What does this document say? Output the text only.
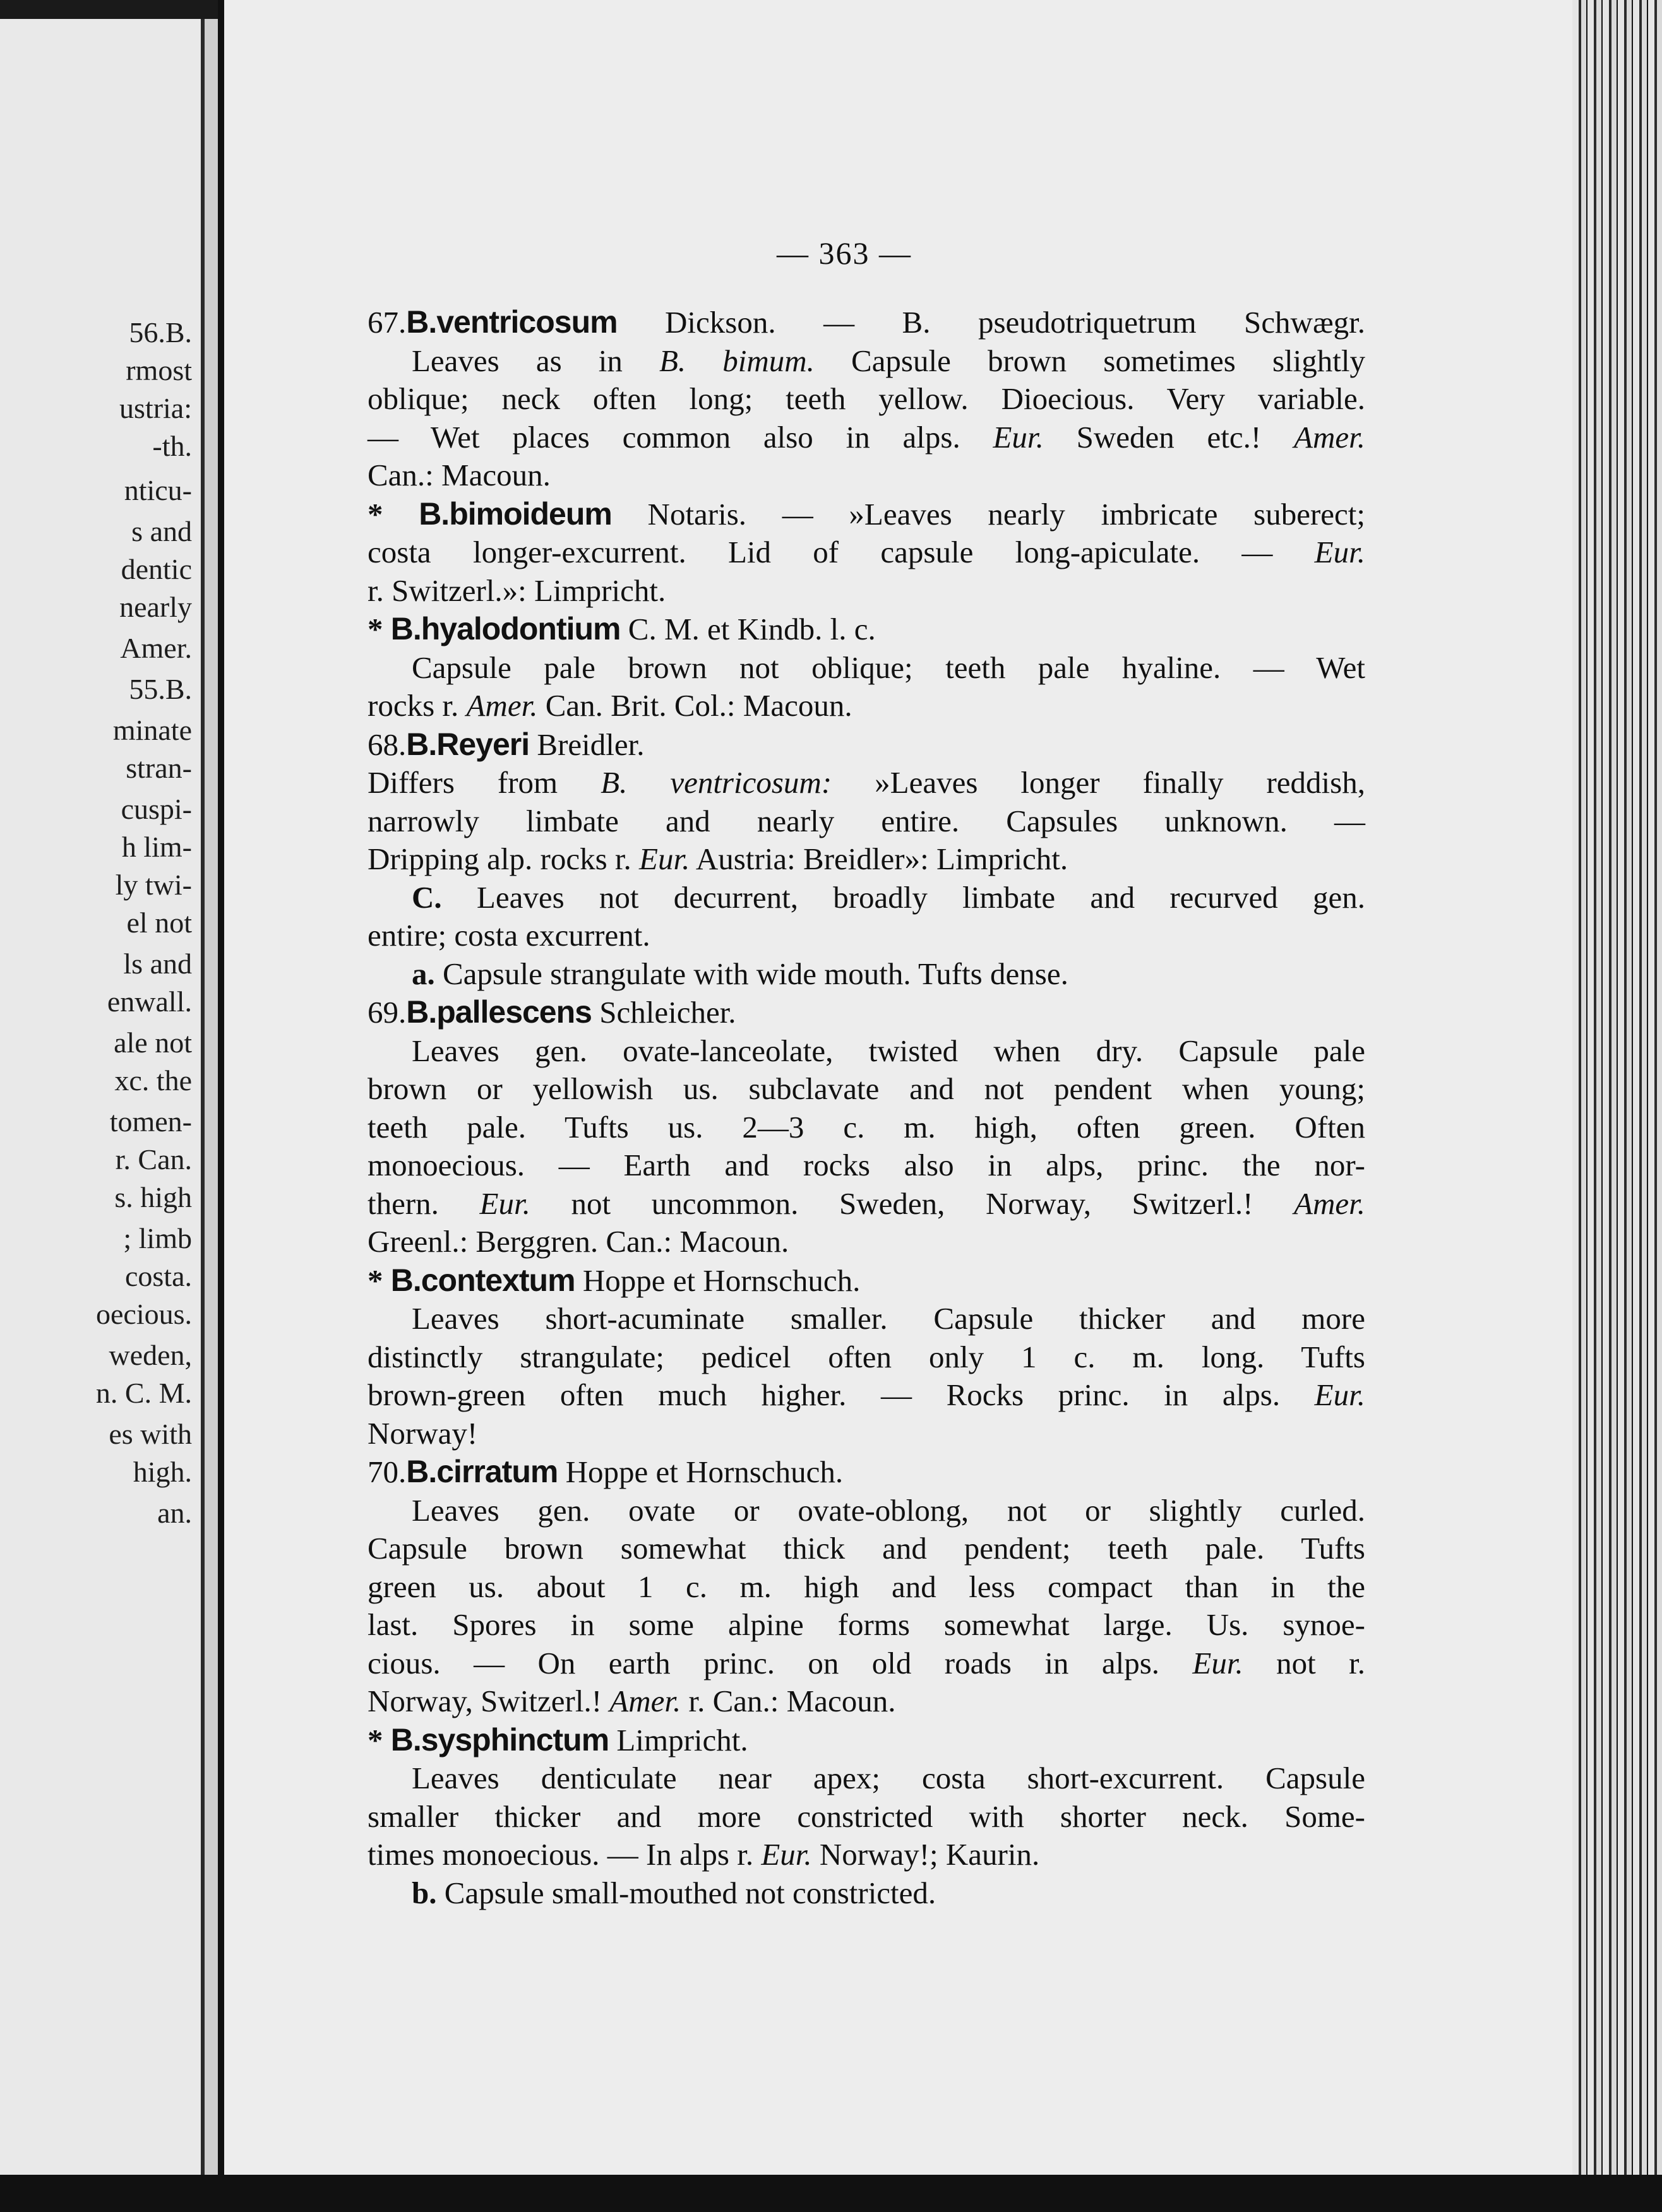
56.B.
rmost
ustria:
-th.
nticu-
s and
dentic
nearly
Amer.
55.B.
minate
stran-
cuspi-
h lim-
ly twi-
el not
ls and
enwall.
ale not
xc. the
tomen-
r. Can.
s. high
; limb
costa.
oecious.
weden,
n. C. M.
es with
high.
an.
— 363 —
67.B.ventricosum Dickson. — B. pseudotriquetrum Schwægr.
Leaves as in B. bimum. Capsule brown sometimes slightly
oblique; neck often long; teeth yellow. Dioecious. Very variable.
— Wet places common also in alps. Eur. Sweden etc.! Amer.
Can.: Macoun.
* B.bimoideum Notaris. — »Leaves nearly imbricate suberect;
costa longer-excurrent. Lid of capsule long-apiculate. — Eur.
r. Switzerl.»: Limpricht.
* B.hyalodontium C. M. et Kindb. l. c.
Capsule pale brown not oblique; teeth pale hyaline. — Wet
rocks r. Amer. Can. Brit. Col.: Macoun.
68.B.Reyeri Breidler.
Differs from B. ventricosum: »Leaves longer finally reddish,
narrowly limbate and nearly entire. Capsules unknown. —
Dripping alp. rocks r. Eur. Austria: Breidler»: Limpricht.
C. Leaves not decurrent, broadly limbate and recurved gen.
entire; costa excurrent.
a. Capsule strangulate with wide mouth. Tufts dense.
69.B.pallescens Schleicher.
Leaves gen. ovate-lanceolate, twisted when dry. Capsule pale
brown or yellowish us. subclavate and not pendent when young;
teeth pale. Tufts us. 2—3 c. m. high, often green. Often
monoecious. — Earth and rocks also in alps, princ. the nor-
thern. Eur. not uncommon. Sweden, Norway, Switzerl.! Amer.
Greenl.: Berggren. Can.: Macoun.
* B.contextum Hoppe et Hornschuch.
Leaves short-acuminate smaller. Capsule thicker and more
distinctly strangulate; pedicel often only 1 c. m. long. Tufts
brown-green often much higher. — Rocks princ. in alps. Eur.
Norway!
70.B.cirratum Hoppe et Hornschuch.
Leaves gen. ovate or ovate-oblong, not or slightly curled.
Capsule brown somewhat thick and pendent; teeth pale. Tufts
green us. about 1 c. m. high and less compact than in the
last. Spores in some alpine forms somewhat large. Us. synoe-
cious. — On earth princ. on old roads in alps. Eur. not r.
Norway, Switzerl.! Amer. r. Can.: Macoun.
* B.sysphinctum Limpricht.
Leaves denticulate near apex; costa short-excurrent. Capsule
smaller thicker and more constricted with shorter neck. Some-
times monoecious. — In alps r. Eur. Norway!; Kaurin.
b. Capsule small-mouthed not constricted.
